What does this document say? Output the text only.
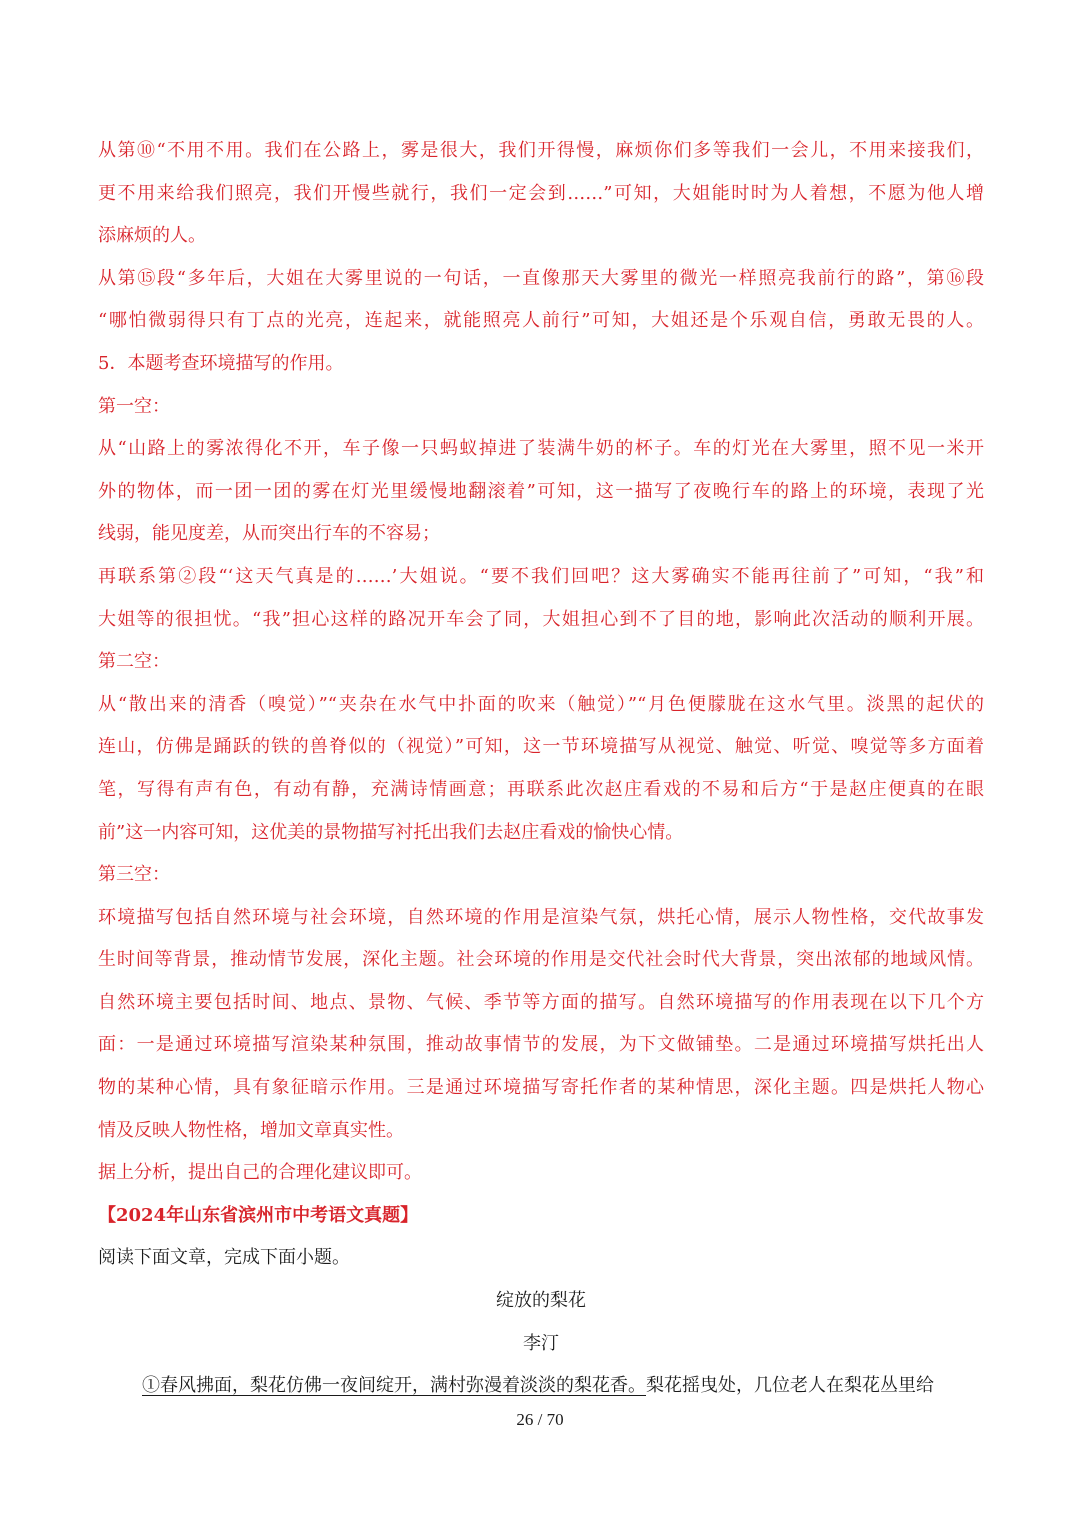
从第⑩“不用不用。我们在公路上，雾是很大，我们开得慢，麻烦你们多等我们一会儿，不用来接我们，
更不用来给我们照亮，我们开慢些就行，我们一定会到……”可知，大姐能时时为人着想，不愿为他人增
添麻烦的人。
从第⑮段“多年后，大姐在大雾里说的一句话，一直像那天大雾里的微光一样照亮我前行的路”，第⑯段
“哪怕微弱得只有丁点的光亮，连起来，就能照亮人前行”可知，大姐还是个乐观自信，勇敢无畏的人。
5．本题考查环境描写的作用。
第一空：
从“山路上的雾浓得化不开，车子像一只蚂蚁掉进了装满牛奶的杯子。车的灯光在大雾里，照不见一米开
外的物体，而一团一团的雾在灯光里缓慢地翻滚着”可知，这一描写了夜晚行车的路上的环境，表现了光
线弱，能见度差，从而突出行车的不容易；
再联系第②段“‘这天气真是的……’大姐说。“要不我们回吧？这大雾确实不能再往前了”可知，“我”和
大姐等的很担忧。“我”担心这样的路况开车会了同，大姐担心到不了目的地，影响此次活动的顺利开展。
第二空：
从“散出来的清香（嗅觉）”“夹杂在水气中扑面的吹来（触觉）”“月色便朦胧在这水气里。淡黑的起伏的
连山，仿佛是踊跃的铁的兽脊似的（视觉）”可知，这一节环境描写从视觉、触觉、听觉、嗅觉等多方面着
笔，写得有声有色，有动有静，充满诗情画意；再联系此次赵庄看戏的不易和后方“于是赵庄便真的在眼
前”这一内容可知，这优美的景物描写衬托出我们去赵庄看戏的愉快心情。
第三空：
环境描写包括自然环境与社会环境，自然环境的作用是渲染气氛，烘托心情，展示人物性格，交代故事发
生时间等背景，推动情节发展，深化主题。社会环境的作用是交代社会时代大背景，突出浓郁的地域风情。
自然环境主要包括时间、地点、景物、气候、季节等方面的描写。自然环境描写的作用表现在以下几个方
面：一是通过环境描写渲染某种氛围，推动故事情节的发展，为下文做铺垫。二是通过环境描写烘托出人
物的某种心情，具有象征暗示作用。三是通过环境描写寄托作者的某种情思，深化主题。四是烘托人物心
情及反映人物性格，增加文章真实性。
据上分析，提出自己的合理化建议即可。
【2024年山东省滨州市中考语文真题】
阅读下面文章，完成下面小题。
绽放的梨花
李汀
①春风拂面，梨花仿佛一夜间绽开，满村弥漫着淡淡的梨花香。梨花摇曳处，几位老人在梨花丛里给
26 / 70
